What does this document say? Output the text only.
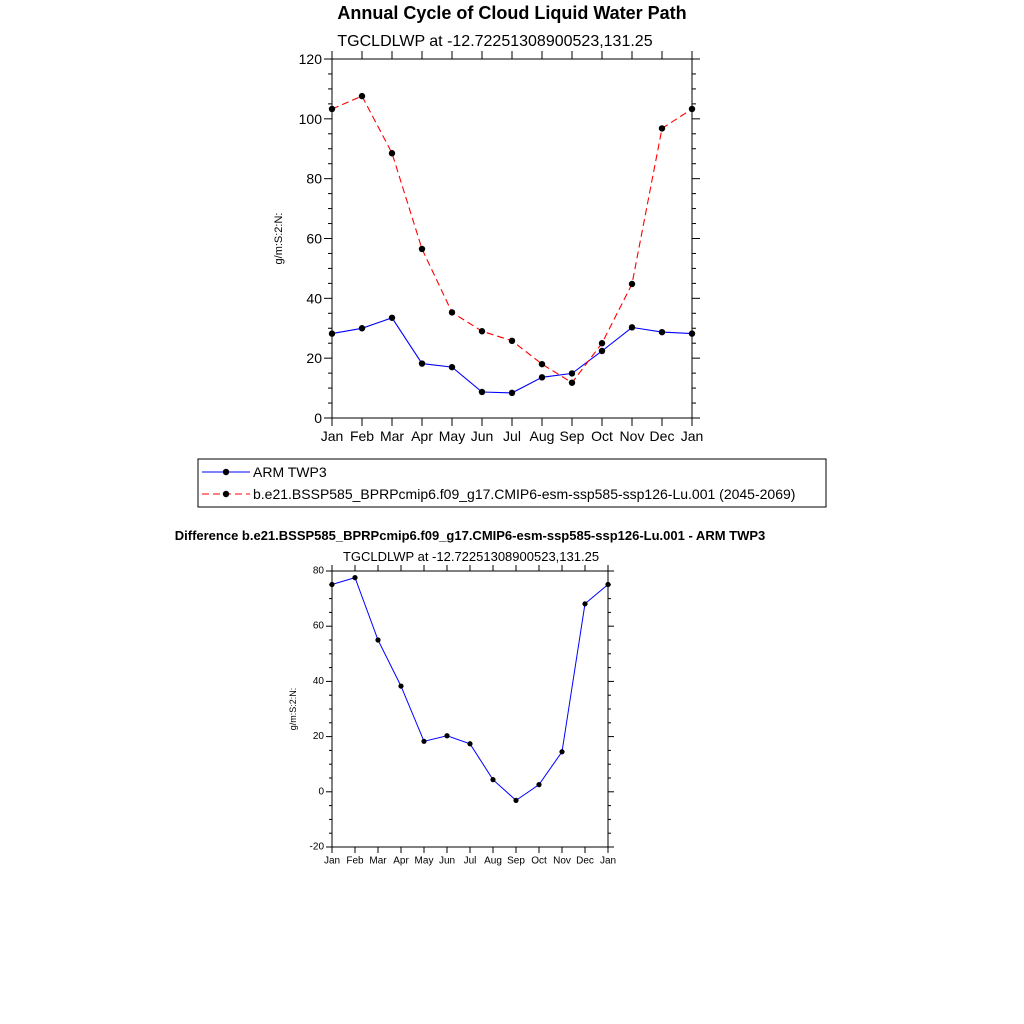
Annual Cycle of Cloud Liquid Water Path
TGCLDLWP at -12.72251308900523,131.25
0
20
40
60
80
100
120
Jan Feb Mar Apr May Jun Jul Aug Sep Oct Nov Dec Jan
g/m:S:2:N:
ARM TWP3
b.e21.BSSP585_BPRPcmip6.f09_g17.CMIP6-esm-ssp585-ssp126-Lu.001 (2045-2069)
Difference b.e21.BSSP585_BPRPcmip6.f09_g17.CMIP6-esm-ssp585-ssp126-Lu.001 - ARM TWP3
TGCLDLWP at -12.72251308900523,131.25
-20
0
20
40
60
80
Jan Feb Mar Apr May Jun Jul Aug Sep Oct Nov Dec Jan
g/m:S:2:N:
